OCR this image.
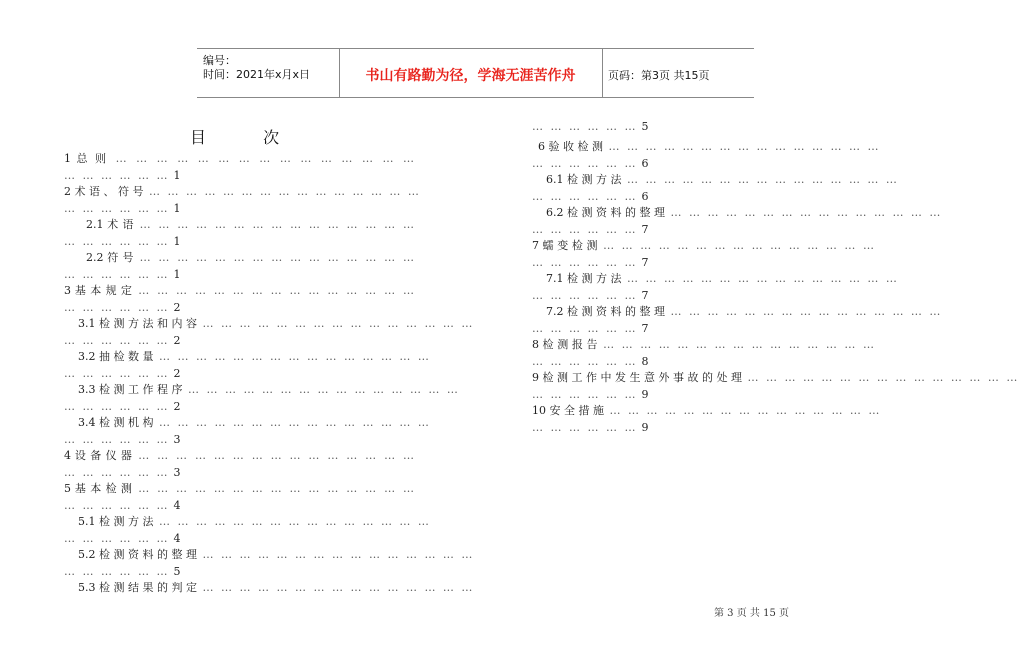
编号：
时间：2021年x月x日	书山有路勤为径，学海无涯苦作舟	页码：第3页 共15页
目 次
1 总 则 … … … … … … … … … … … … … … …
… … … … … … 1
2 术 语 、 符 号 … … … … … … … … … … … … … … …
… … … … … … 1
2.1 术 语 … … … … … … … … … … … … … … …
… … … … … … 1
2.2 符 号 … … … … … … … … … … … … … … …
… … … … … … 1
3 基 本 规 定 … … … … … … … … … … … … … … …
… … … … … … 2
3.1 检 测 方 法 和 内 容 … … … … … … … … … … … … … … …
… … … … … … 2
3.2 抽 检 数 量 … … … … … … … … … … … … … … …
… … … … … … 2
3.3 检 测 工 作 程 序 … … … … … … … … … … … … … … …
… … … … … … 2
3.4 检 测 机 构 … … … … … … … … … … … … … … …
… … … … … … 3
4 设 备 仪 器 … … … … … … … … … … … … … … …
… … … … … … 3
5 基 本 检 测 … … … … … … … … … … … … … … …
… … … … … … 4
5.1 检 测 方 法 … … … … … … … … … … … … … … …
… … … … … … 4
5.2 检 测 资 料 的 整 理 … … … … … … … … … … … … … … …
… … … … … … 5
5.3 检 测 结 果 的 判 定 … … … … … … … … … … … … … … …
… … … … … … 5
6 验 收 检 测 … … … … … … … … … … … … … … …
… … … … … … 6
6.1 检 测 方 法 … … … … … … … … … … … … … … …
… … … … … … 6
6.2 检 测 资 料 的 整 理 … … … … … … … … … … … … … … …
… … … … … … 7
7 蠕 变 检 测 … … … … … … … … … … … … … … …
… … … … … … 7
7.1 检 测 方 法 … … … … … … … … … … … … … … …
… … … … … … 7
7.2 检 测 资 料 的 整 理 … … … … … … … … … … … … … … …
… … … … … … 7
8 检 测 报 告 … … … … … … … … … … … … … … …
… … … … … … 8
9 检 测 工 作 中 发 生 意 外 事 故 的 处 理 … … … … … … … … … … … … … … …
… … … … … … 9
10 安 全 措 施 … … … … … … … … … … … … … … …
… … … … … … 9
第 3 页 共 15 页
